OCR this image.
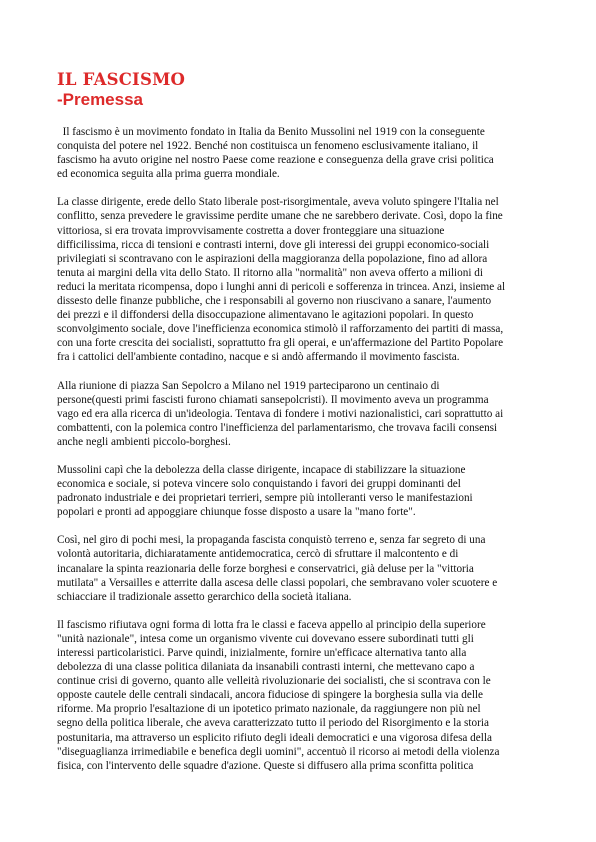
IL FASCISMO
-Premessa

Il fascismo è un movimento fondato in Italia da Benito Mussolini nel 1919 con la conseguente
conquista del potere nel 1922. Benché non costituisca un fenomeno esclusivamente italiano, il
fascismo ha avuto origine nel nostro Paese come reazione e conseguenza della grave crisi politica
ed economica seguita alla prima guerra mondiale.

La classe dirigente, erede dello Stato liberale post-risorgimentale, aveva voluto spingere l'Italia nel
conflitto, senza prevedere le gravissime perdite umane che ne sarebbero derivate. Così, dopo la fine
vittoriosa, si era trovata improvvisamente costretta a dover fronteggiare una situazione
difficilissima, ricca di tensioni e contrasti interni, dove gli interessi dei gruppi economico-sociali
privilegiati si scontravano con le aspirazioni della maggioranza della popolazione, fino ad allora
tenuta ai margini della vita dello Stato. Il ritorno alla "normalità" non aveva offerto a milioni di
reduci la meritata ricompensa, dopo i lunghi anni di pericoli e sofferenza in trincea. Anzi, insieme al
dissesto delle finanze pubbliche, che i responsabili al governo non riuscivano a sanare, l'aumento
dei prezzi e il diffondersi della disoccupazione alimentavano le agitazioni popolari. In questo
sconvolgimento sociale, dove l'inefficienza economica stimolò il rafforzamento dei partiti di massa,
con una forte crescita dei socialisti, soprattutto fra gli operai, e un'affermazione del Partito Popolare
fra i cattolici dell'ambiente contadino, nacque e si andò affermando il movimento fascista.

Alla riunione di piazza San Sepolcro a Milano nel 1919 parteciparono un centinaio di
persone(questi primi fascisti furono chiamati sansepolcristi). Il movimento aveva un programma
vago ed era alla ricerca di un'ideologia. Tentava di fondere i motivi nazionalistici, cari soprattutto ai
combattenti, con la polemica contro l'inefficienza del parlamentarismo, che trovava facili consensi
anche negli ambienti piccolo-borghesi.

Mussolini capì che la debolezza della classe dirigente, incapace di stabilizzare la situazione
economica e sociale, si poteva vincere solo conquistando i favori dei gruppi dominanti del
padronato industriale e dei proprietari terrieri, sempre più intolleranti verso le manifestazioni
popolari e pronti ad appoggiare chiunque fosse disposto a usare la "mano forte".

Così, nel giro di pochi mesi, la propaganda fascista conquistò terreno e, senza far segreto di una
volontà autoritaria, dichiaratamente antidemocratica, cercò di sfruttare il malcontento e di
incanalare la spinta reazionaria delle forze borghesi e conservatrici, già deluse per la "vittoria
mutilata" a Versailles e atterrite dalla ascesa delle classi popolari, che sembravano voler scuotere e
schiacciare il tradizionale assetto gerarchico della società italiana.

Il fascismo rifiutava ogni forma di lotta fra le classi e faceva appello al principio della superiore
"unità nazionale", intesa come un organismo vivente cui dovevano essere subordinati tutti gli
interessi particolaristici. Parve quindi, inizialmente, fornire un'efficace alternativa tanto alla
debolezza di una classe politica dilaniata da insanabili contrasti interni, che mettevano capo a
continue crisi di governo, quanto alle velleità rivoluzionarie dei socialisti, che si scontrava con le
opposte cautele delle centrali sindacali, ancora fiduciose di spingere la borghesia sulla via delle
riforme. Ma proprio l'esaltazione di un ipotetico primato nazionale, da raggiungere non più nel
segno della politica liberale, che aveva caratterizzato tutto il periodo del Risorgimento e la storia
postunitaria, ma attraverso un esplicito rifiuto degli ideali democratici e una vigorosa difesa della
"diseguaglianza irrimediabile e benefica degli uomini", accentuò il ricorso ai metodi della violenza
fisica, con l'intervento delle squadre d'azione. Queste si diffusero alla prima sconfitta politica
